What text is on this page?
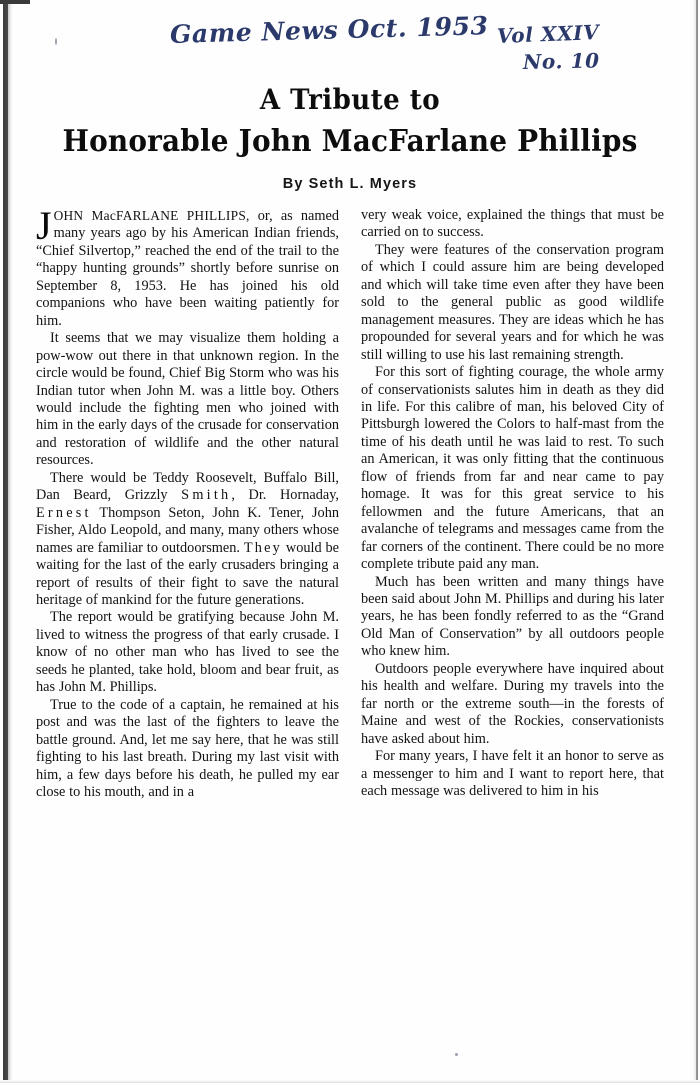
Game News Oct. 1953 Vol XXIV
No. 10
A Tribute to
Honorable John MacFarlane Phillips
By Seth L. Myers

JOHN MacFARLANE PHILLIPS, or, as named many years ago by his American Indian friends, “Chief Silvertop,” reached the end of the trail to the “happy hunting grounds” shortly before sunrise on September 8, 1953. He has joined his old companions who have been waiting patiently for him.

It seems that we may visualize them holding a pow-wow out there in that unknown region. In the circle would be found, Chief Big Storm who was his Indian tutor when John M. was a little boy. Others would include the fighting men who joined with him in the early days of the crusade for conservation and restoration of wildlife and the other natural resources.

There would be Teddy Roosevelt, Buffalo Bill, Dan Beard, Grizzly Smith, Dr. Hornaday, Ernest Thompson Seton, John K. Tener, John Fisher, Aldo Leopold, and many, many others whose names are familiar to outdoorsmen. They would be waiting for the last of the early crusaders bringing a report of results of their fight to save the natural heritage of mankind for the future generations.

The report would be gratifying because John M. lived to witness the progress of that early crusade. I know of no other man who has lived to see the seeds he planted, take hold, bloom and bear fruit, as has John M. Phillips.

True to the code of a captain, he remained at his post and was the last of the fighters to leave the battle ground. And, let me say here, that he was still fighting to his last breath. During my last visit with him, a few days before his death, he pulled my ear close to his mouth, and in a

very weak voice, explained the things that must be carried on to success.

They were features of the conservation program of which I could assure him are being developed and which will take time even after they have been sold to the general public as good wildlife management measures. They are ideas which he has propounded for several years and for which he was still willing to use his last remaining strength.

For this sort of fighting courage, the whole army of conservationists salutes him in death as they did in life. For this calibre of man, his beloved City of Pittsburgh lowered the Colors to half-mast from the time of his death until he was laid to rest. To such an American, it was only fitting that the continuous flow of friends from far and near came to pay homage. It was for this great service to his fellowmen and the future Americans, that an avalanche of telegrams and messages came from the far corners of the continent. There could be no more complete tribute paid any man.

Much has been written and many things have been said about John M. Phillips and during his later years, he has been fondly referred to as the “Grand Old Man of Conservation” by all outdoors people who knew him.

Outdoors people everywhere have inquired about his health and welfare. During my travels into the far north or the extreme south—in the forests of Maine and west of the Rockies, conservationists have asked about him.

For many years, I have felt it an honor to serve as a messenger to him and I want to report here, that each message was delivered to him in his
